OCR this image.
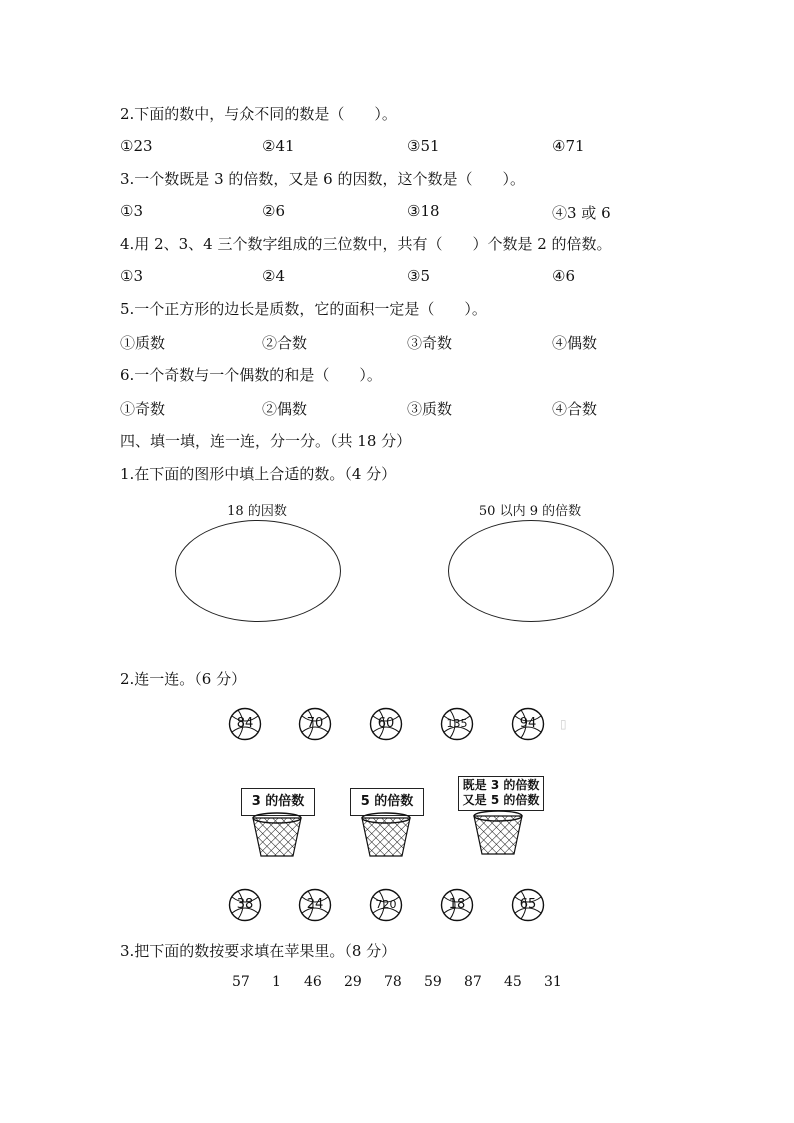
2.下面的数中，与众不同的数是（　　）。
①23	②41	③51	④71
3.一个数既是 3 的倍数，又是 6 的因数，这个数是（　　）。
①3	②6	③18	④3 或 6
4.用 2、3、4 三个数字组成的三位数中，共有（　　）个数是 2 的倍数。
①3	②4	③5	④6
5.一个正方形的边长是质数，它的面积一定是（　　）。
①质数	②合数	③奇数	④偶数
6.一个奇数与一个偶数的和是（　　）。
①奇数	②偶数	③质数	④合数
四、填一填，连一连，分一分。（共 18 分）
1.在下面的图形中填上合适的数。（4 分）
18 的因数	50 以内 9 的倍数
2.连一连。（6 分）
▯
84	70	60	135	94
3 的倍数	5 的倍数
既是 3 的倍数
又是 5 的倍数
38	24	720	18	65
3.把下面的数按要求填在苹果里。（8 分）
57 1 46 29 78 59 87 45 31
